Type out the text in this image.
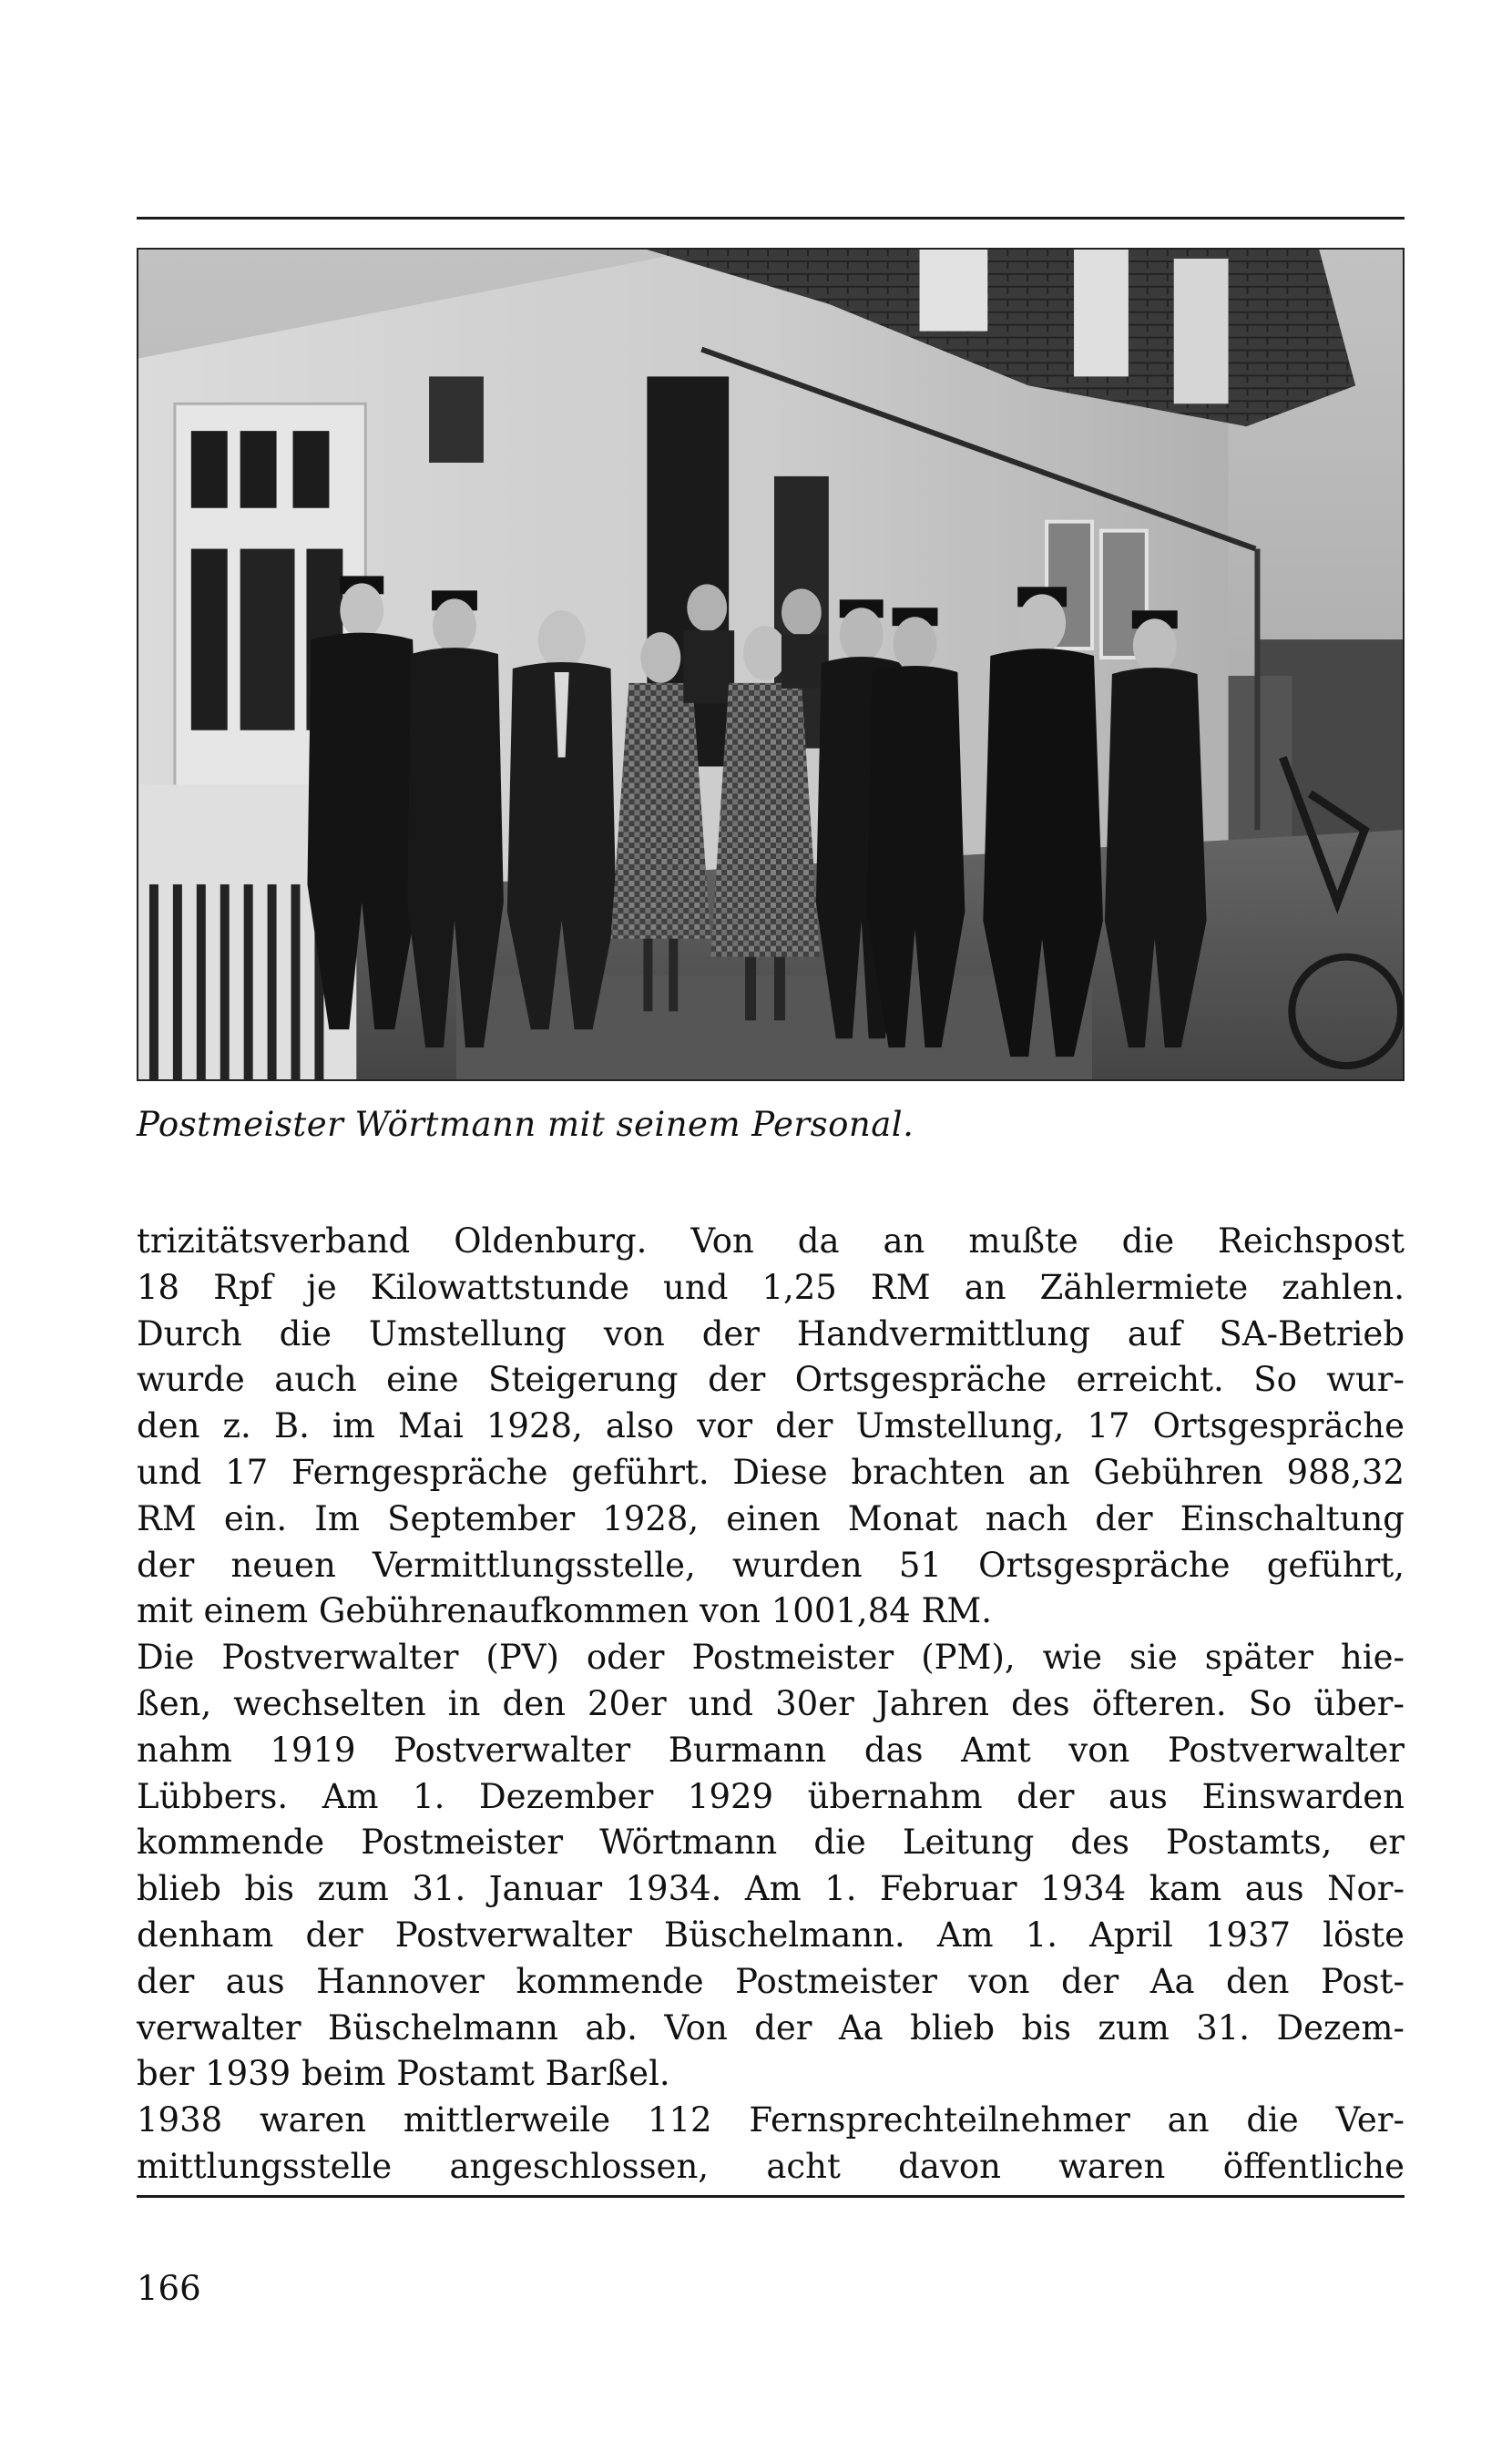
Postmeister Wörtmann mit seinem Personal.
trizitätsverband Oldenburg. Von da an mußte die Reichspost
18 Rpf je Kilowattstunde und 1,25 RM an Zählermiete zahlen.
Durch die Umstellung von der Handvermittlung auf SA-Betrieb
wurde auch eine Steigerung der Ortsgespräche erreicht. So wur-
den z. B. im Mai 1928, also vor der Umstellung, 17 Ortsgespräche
und 17 Ferngespräche geführt. Diese brachten an Gebühren 988,32
RM ein. Im September 1928, einen Monat nach der Einschaltung
der neuen Vermittlungsstelle, wurden 51 Ortsgespräche geführt,
mit einem Gebührenaufkommen von 1001,84 RM.
Die Postverwalter (PV) oder Postmeister (PM), wie sie später hie-
ßen, wechselten in den 20er und 30er Jahren des öfteren. So über-
nahm 1919 Postverwalter Burmann das Amt von Postverwalter
Lübbers. Am 1. Dezember 1929 übernahm der aus Einswarden
kommende Postmeister Wörtmann die Leitung des Postamts, er
blieb bis zum 31. Januar 1934. Am 1. Februar 1934 kam aus Nor-
denham der Postverwalter Büschelmann. Am 1. April 1937 löste
der aus Hannover kommende Postmeister von der Aa den Post-
verwalter Büschelmann ab. Von der Aa blieb bis zum 31. Dezem-
ber 1939 beim Postamt Barßel.
1938 waren mittlerweile 112 Fernsprechteilnehmer an die Ver-
mittlungsstelle angeschlossen, acht davon waren öffentliche
166
